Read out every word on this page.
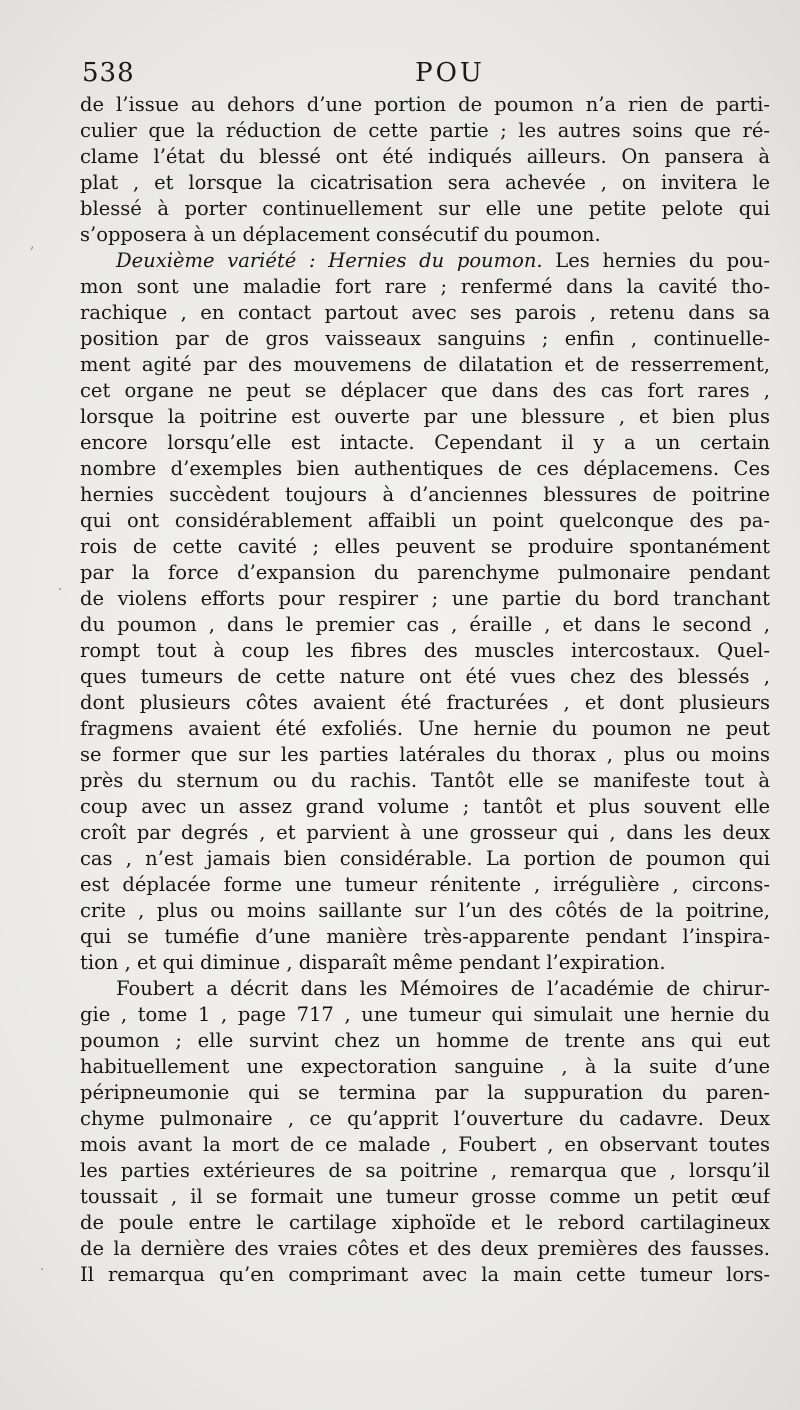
538	POU
de l’issue au dehors d’une portion de poumon n’a rien de parti-
culier que la réduction de cette partie ; les autres soins que ré-
clame l’état du blessé ont été indiqués ailleurs. On pansera à
plat , et lorsque la cicatrisation sera achevée , on invitera le
blessé à porter continuellement sur elle une petite pelote qui
s’opposera à un déplacement consécutif du poumon.
Deuxième variété : Hernies du poumon. Les hernies du pou-
mon sont une maladie fort rare ; renfermé dans la cavité tho-
rachique , en contact partout avec ses parois , retenu dans sa
position par de gros vaisseaux sanguins ; enfin , continuelle-
ment agité par des mouvemens de dilatation et de resserrement,
cet organe ne peut se déplacer que dans des cas fort rares ,
lorsque la poitrine est ouverte par une blessure , et bien plus
encore lorsqu’elle est intacte. Cependant il y a un certain
nombre d’exemples bien authentiques de ces déplacemens. Ces
hernies succèdent toujours à d’anciennes blessures de poitrine
qui ont considérablement affaibli un point quelconque des pa-
rois de cette cavité ; elles peuvent se produire spontanément
par la force d’expansion du parenchyme pulmonaire pendant
de violens efforts pour respirer ; une partie du bord tranchant
du poumon , dans le premier cas , éraille , et dans le second ,
rompt tout à coup les fibres des muscles intercostaux. Quel-
ques tumeurs de cette nature ont été vues chez des blessés ,
dont plusieurs côtes avaient été fracturées , et dont plusieurs
fragmens avaient été exfoliés. Une hernie du poumon ne peut
se former que sur les parties latérales du thorax , plus ou moins
près du sternum ou du rachis. Tantôt elle se manifeste tout à
coup avec un assez grand volume ; tantôt et plus souvent elle
croît par degrés , et parvient à une grosseur qui , dans les deux
cas , n’est jamais bien considérable. La portion de poumon qui
est déplacée forme une tumeur rénitente , irrégulière , circons-
crite , plus ou moins saillante sur l’un des côtés de la poitrine,
qui se tuméfie d’une manière très-apparente pendant l’inspira-
tion , et qui diminue , disparaît même pendant l’expiration.
Foubert a décrit dans les Mémoires de l’académie de chirur-
gie , tome 1 , page 717 , une tumeur qui simulait une hernie du
poumon ; elle survint chez un homme de trente ans qui eut
habituellement une expectoration sanguine , à la suite d’une
péripneumonie qui se termina par la suppuration du paren-
chyme pulmonaire , ce qu’apprit l’ouverture du cadavre. Deux
mois avant la mort de ce malade , Foubert , en observant toutes
les parties extérieures de sa poitrine , remarqua que , lorsqu’il
toussait , il se formait une tumeur grosse comme un petit œuf
de poule entre le cartilage xiphoïde et le rebord cartilagineux
de la dernière des vraies côtes et des deux premières des fausses.
Il remarqua qu’en comprimant avec la main cette tumeur lors-
,
.
·
